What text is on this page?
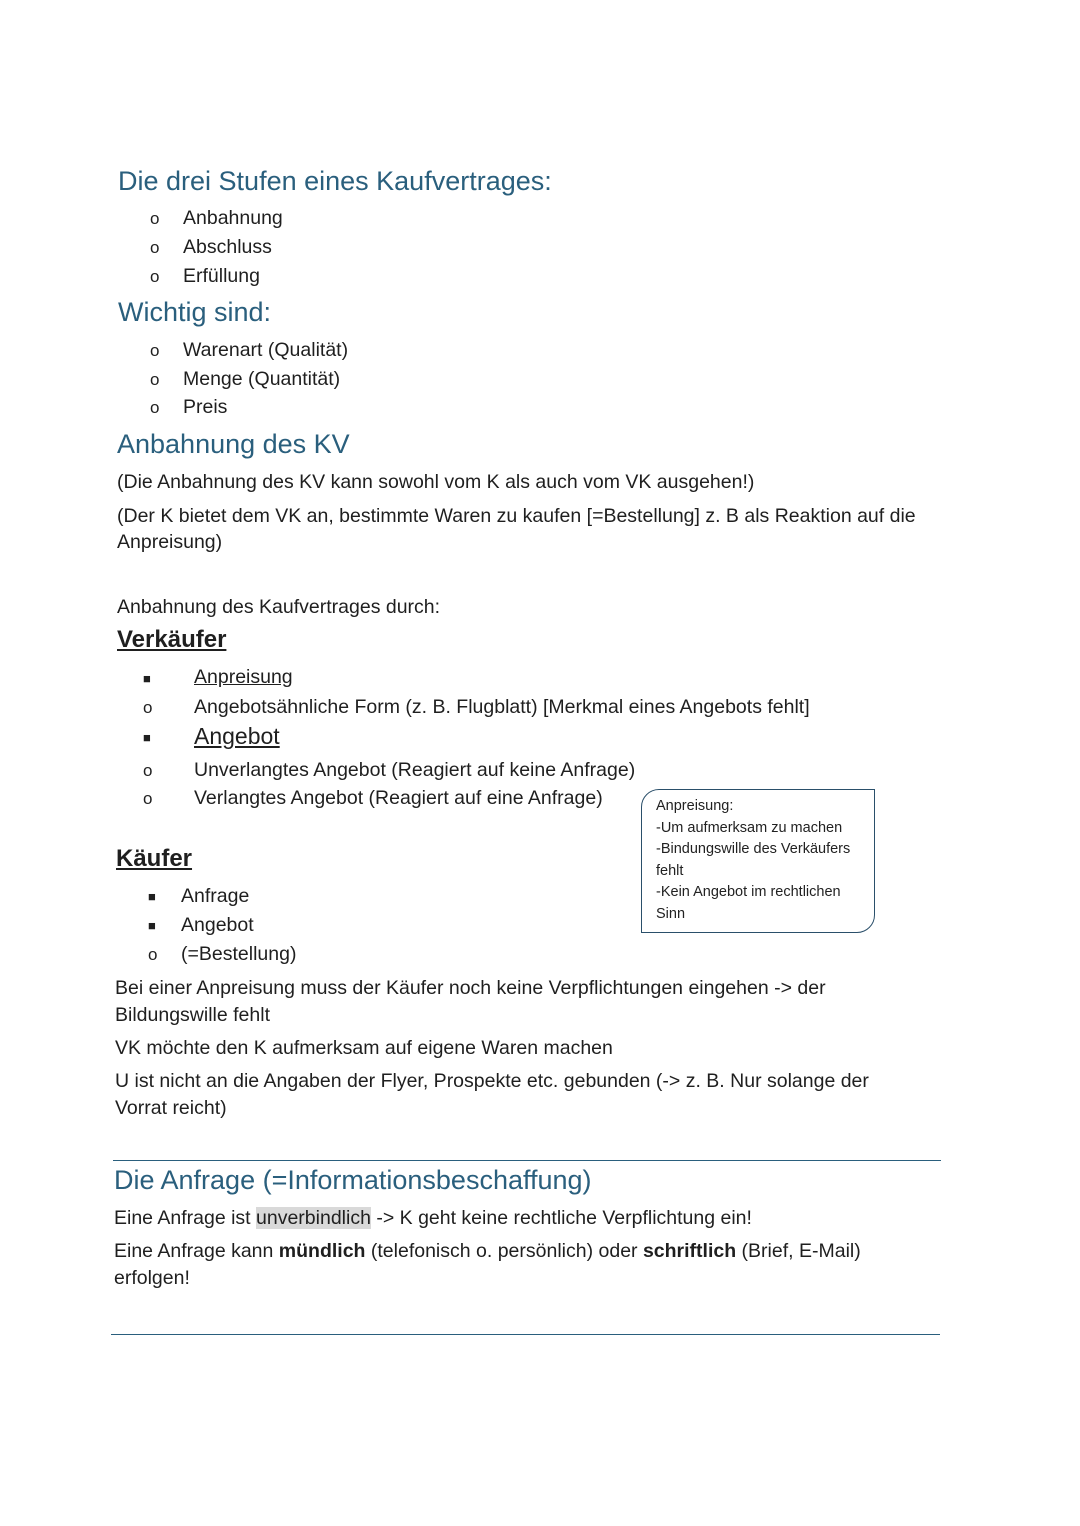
Die drei Stufen eines Kaufvertrages:
o Anbahnung
o Abschluss
o Erfüllung
Wichtig sind:
o Warenart (Qualität)
o Menge (Quantität)
o Preis
Anbahnung des KV
(Die Anbahnung des KV kann sowohl vom K als auch vom VK ausgehen!)
(Der K bietet dem VK an, bestimmte Waren zu kaufen [=Bestellung] z. B als Reaktion auf die
Anpreisung)
Anbahnung des Kaufvertrages durch:
Verkäufer
■ Anpreisung
o Angebotsähnliche Form (z. B. Flugblatt) [Merkmal eines Angebots fehlt]
■ Angebot
o Unverlangtes Angebot (Reagiert auf keine Anfrage)
o Verlangtes Angebot (Reagiert auf eine Anfrage)	Anpreisung:
-Um aufmerksam zu machen
-Bindungswille des Verkäufers
fehlt
-Kein Angebot im rechtlichen
Sinn
Käufer
■ Anfrage
■ Angebot
o (=Bestellung)
Bei einer Anpreisung muss der Käufer noch keine Verpflichtungen eingehen -> der
Bildungswille fehlt
VK möchte den K aufmerksam auf eigene Waren machen
U ist nicht an die Angaben der Flyer, Prospekte etc. gebunden (-> z. B. Nur solange der
Vorrat reicht)
Die Anfrage (=Informationsbeschaffung)
Eine Anfrage ist unverbindlich -> K geht keine rechtliche Verpflichtung ein!
Eine Anfrage kann mündlich (telefonisch o. persönlich) oder schriftlich (Brief, E-Mail)
erfolgen!
